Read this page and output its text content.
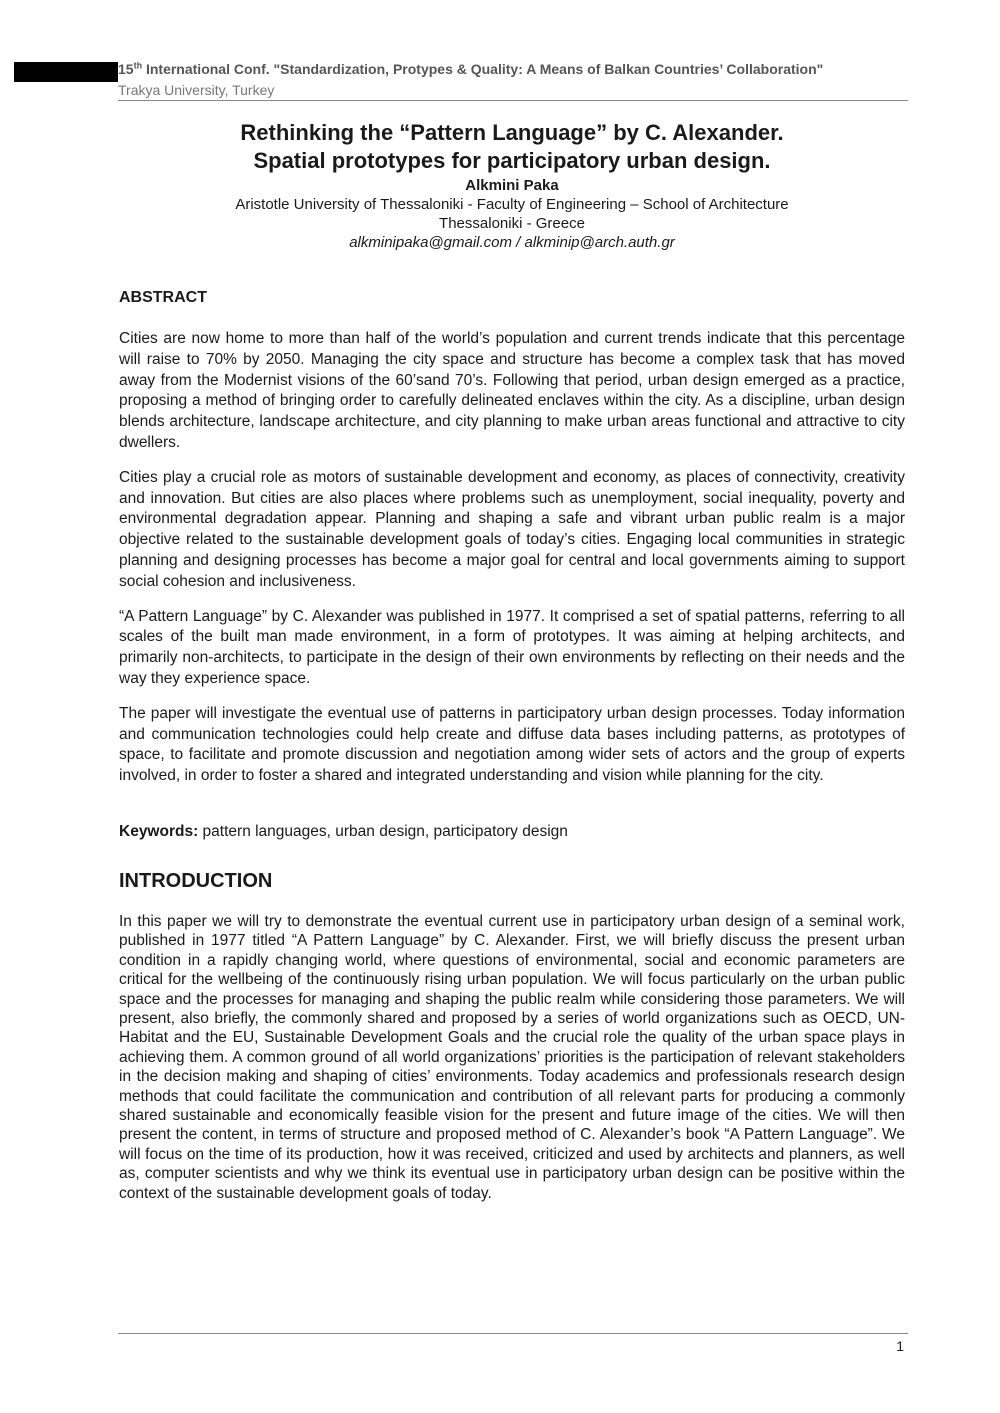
15th International Conf. "Standardization, Protypes & Quality: A Means of Balkan Countries’ Collaboration"
Trakya University, Turkey
Rethinking the “Pattern Language” by C. Alexander.
Spatial prototypes for participatory urban design.
Alkmini Paka
Aristotle University of Thessaloniki - Faculty of Engineering – School of Architecture
Thessaloniki - Greece
alkminipaka@gmail.com / alkminip@arch.auth.gr
ABSTRACT

Cities are now home to more than half of the world’s population and current trends indicate that this percentage will raise to 70% by 2050. Managing the city space and structure has become a complex task that has moved away from the Modernist visions of the 60’sand 70’s. Following that period, urban design emerged as a practice, proposing a method of bringing order to carefully delineated enclaves within the city. As a discipline, urban design blends architecture, landscape architecture, and city planning to make urban areas functional and attractive to city dwellers.

Cities play a crucial role as motors of sustainable development and economy, as places of connectivity, creativity and innovation. But cities are also places where problems such as unemployment, social inequality, poverty and environmental degradation appear. Planning and shaping a safe and vibrant urban public realm is a major objective related to the sustainable development goals of today’s cities. Engaging local communities in strategic planning and designing processes has become a major goal for central and local governments aiming to support social cohesion and inclusiveness.

“A Pattern Language” by C. Alexander was published in 1977. It comprised a set of spatial patterns, referring to all scales of the built man made environment, in a form of prototypes. It was aiming at helping architects, and primarily non-architects, to participate in the design of their own environments by reflecting on their needs and the way they experience space.

The paper will investigate the eventual use of patterns in participatory urban design processes. Today information and communication technologies could help create and diffuse data bases including patterns, as prototypes of space, to facilitate and promote discussion and negotiation among wider sets of actors and the group of experts involved, in order to foster a shared and integrated understanding and vision while planning for the city.

Keywords: pattern languages, urban design, participatory design
INTRODUCTION

In this paper we will try to demonstrate the eventual current use in participatory urban design of a seminal work, published in 1977 titled “A Pattern Language” by C. Alexander. First, we will briefly discuss the present urban condition in a rapidly changing world, where questions of environmental, social and economic parameters are critical for the wellbeing of the continuously rising urban population. We will focus particularly on the urban public space and the processes for managing and shaping the public realm while considering those parameters. We will present, also briefly, the commonly shared and proposed by a series of world organizations such as OECD, UN-Habitat and the EU, Sustainable Development Goals and the crucial role the quality of the urban space plays in achieving them. A common ground of all world organizations’ priorities is the participation of relevant stakeholders in the decision making and shaping of cities’ environments. Today academics and professionals research design methods that could facilitate the communication and contribution of all relevant parts for producing a commonly shared sustainable and economically feasible vision for the present and future image of the cities. We will then present the content, in terms of structure and proposed method of C. Alexander’s book “A Pattern Language”. We will focus on the time of its production, how it was received, criticized and used by architects and planners, as well as, computer scientists and why we think its eventual use in participatory urban design can be positive within the context of the sustainable development goals of today.

1
